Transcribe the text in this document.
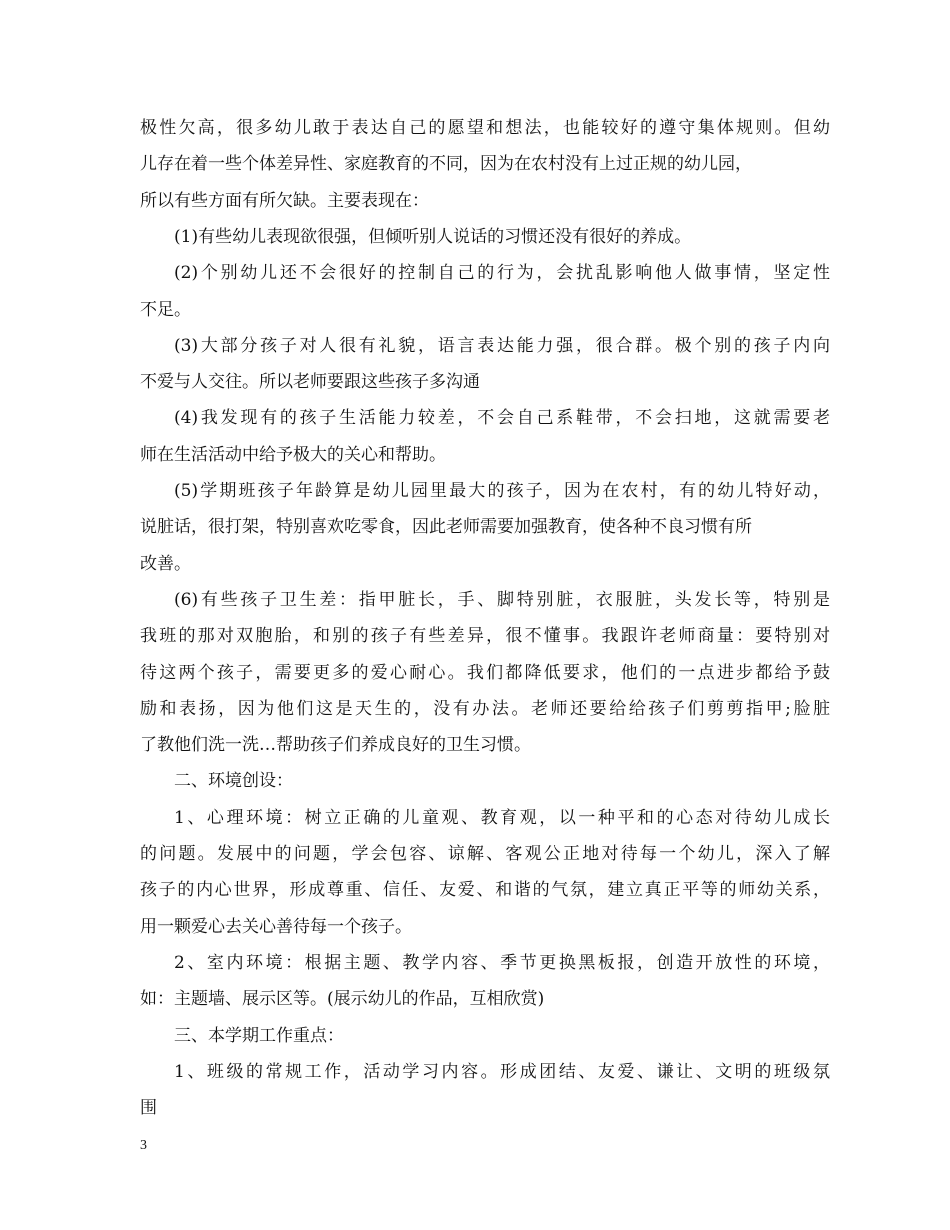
极性欠高，很多幼儿敢于表达自己的愿望和想法，也能较好的遵守集体规则。但幼
儿存在着一些个体差异性、家庭教育的不同，因为在农村没有上过正规的幼儿园，
所以有些方面有所欠缺。主要表现在：
(1)有些幼儿表现欲很强，但倾听别人说话的习惯还没有很好的养成。
(2)个别幼儿还不会很好的控制自己的行为，会扰乱影响他人做事情，坚定性
不足。
(3)大部分孩子对人很有礼貌，语言表达能力强，很合群。极个别的孩子内向
不爱与人交往。所以老师要跟这些孩子多沟通
(4)我发现有的孩子生活能力较差，不会自己系鞋带，不会扫地，这就需要老
师在生活活动中给予极大的关心和帮助。
(5)学期班孩子年龄算是幼儿园里最大的孩子，因为在农村，有的幼儿特好动，
说脏话，很打架，特别喜欢吃零食，因此老师需要加强教育，使各种不良习惯有所
改善。
(6)有些孩子卫生差：指甲脏长，手、脚特别脏，衣服脏，头发长等，特别是
我班的那对双胞胎，和别的孩子有些差异，很不懂事。我跟许老师商量：要特别对
待这两个孩子，需要更多的爱心耐心。我们都降低要求，他们的一点进步都给予鼓
励和表扬，因为他们这是天生的，没有办法。老师还要给给孩子们剪剪指甲;脸脏
了教他们洗一洗…帮助孩子们养成良好的卫生习惯。
二、环境创设：
1、心理环境：树立正确的儿童观、教育观，以一种平和的心态对待幼儿成长
的问题。发展中的问题，学会包容、谅解、客观公正地对待每一个幼儿，深入了解
孩子的内心世界，形成尊重、信任、友爱、和谐的气氛，建立真正平等的师幼关系，
用一颗爱心去关心善待每一个孩子。
2、室内环境：根据主题、教学内容、季节更换黑板报，创造开放性的环境，
如：主题墙、展示区等。(展示幼儿的作品，互相欣赏)
三、本学期工作重点：
1、班级的常规工作，活动学习内容。形成团结、友爱、谦让、文明的班级氛
围
3
